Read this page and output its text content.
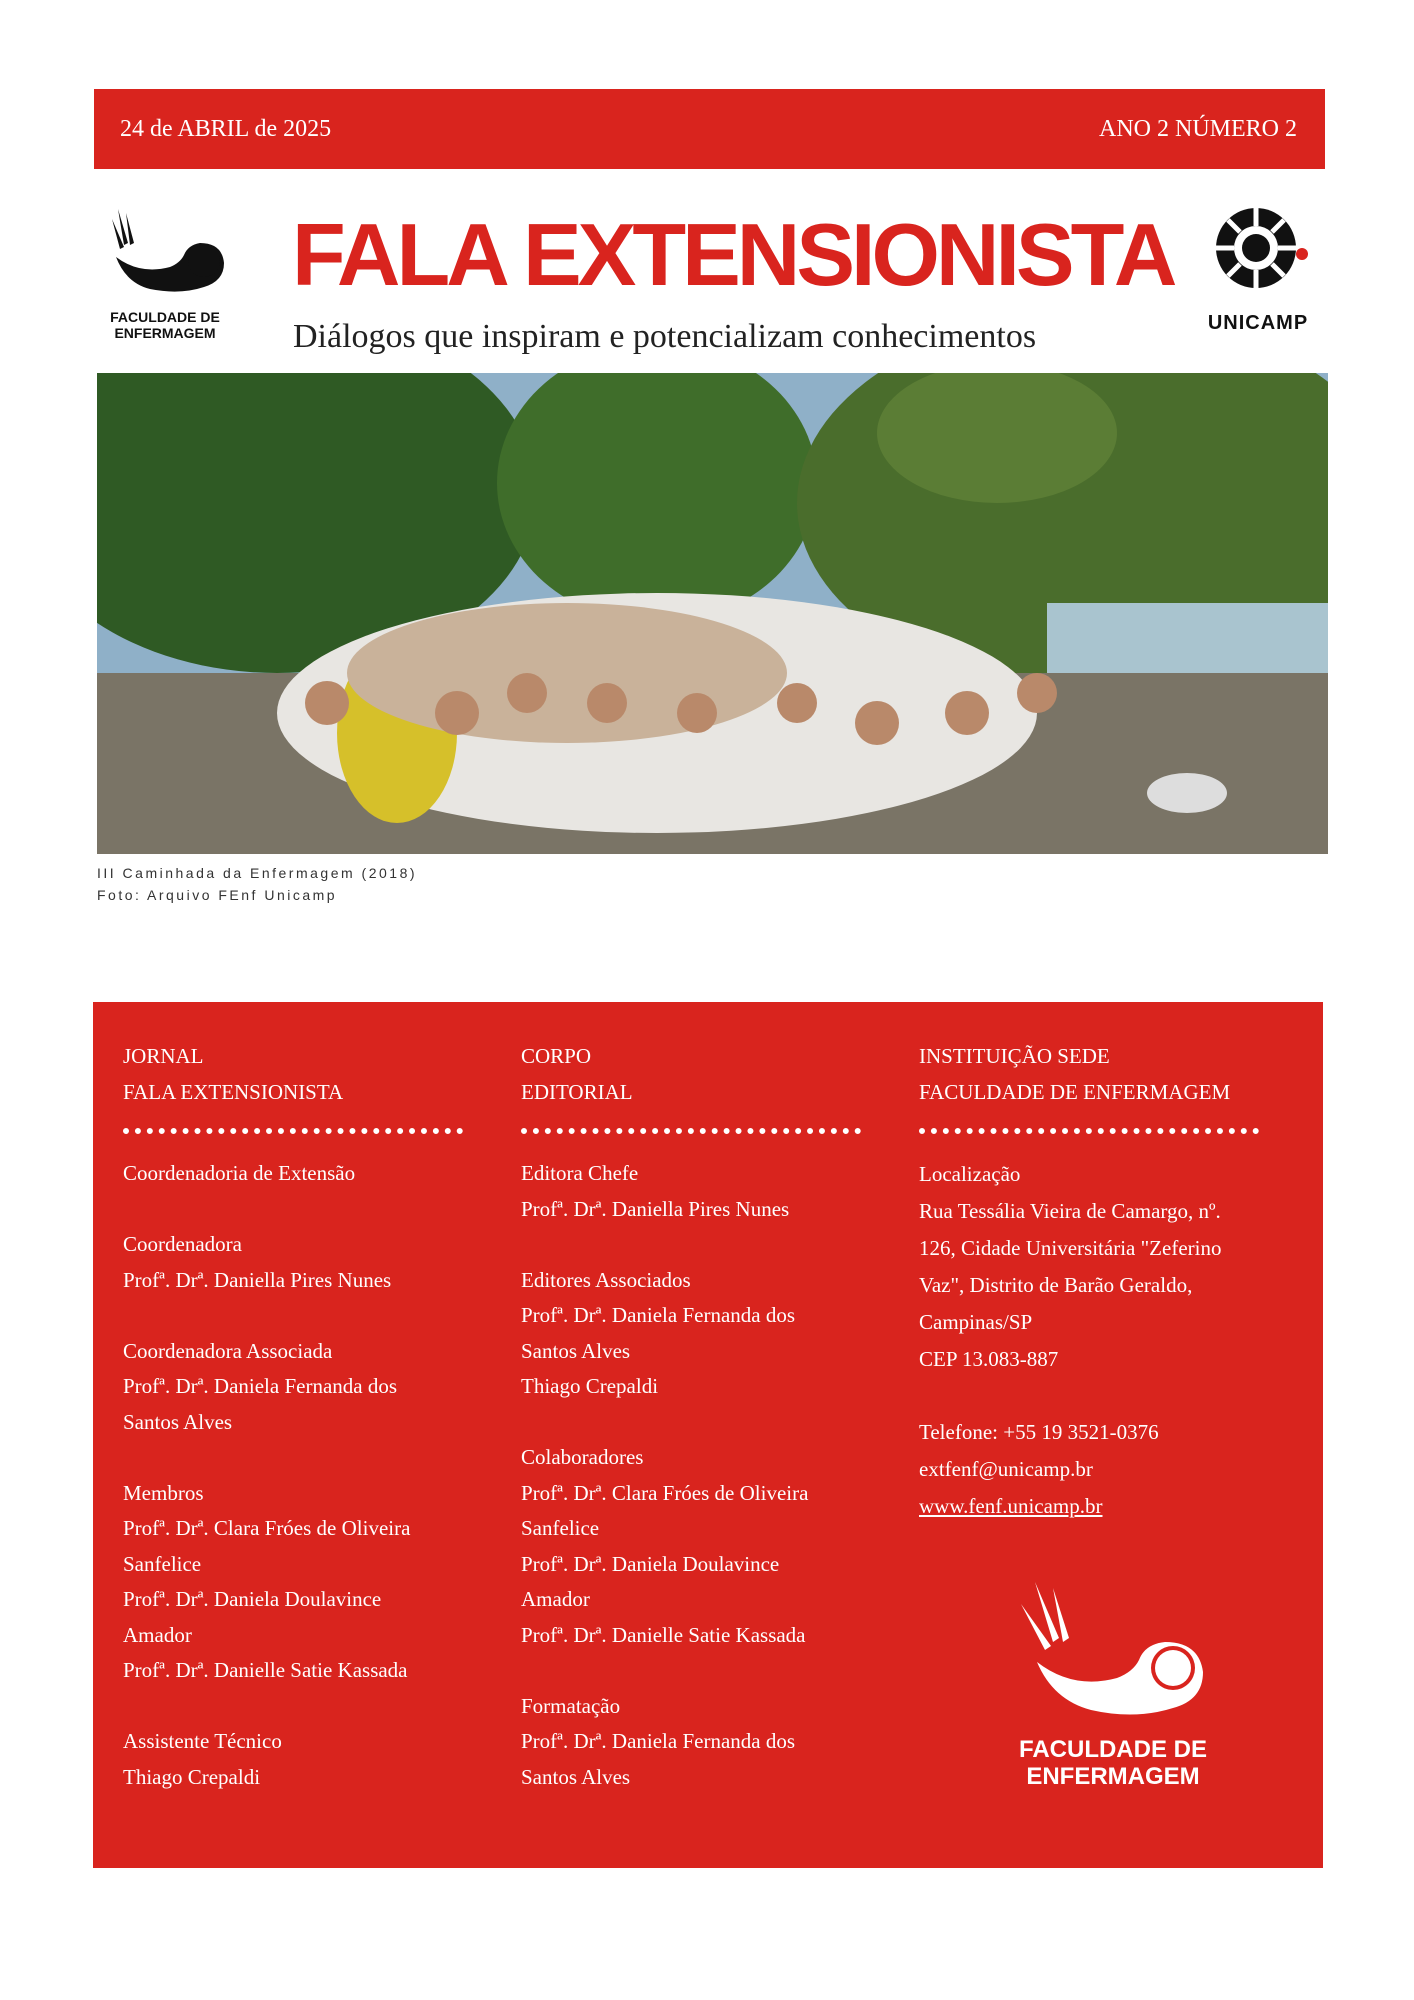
24 de ABRIL de 2025	ANO 2 NÚMERO 2
FACULDADE DE
ENFERMAGEM
FALA EXTENSIONISTA
Diálogos que inspiram e potencializam conhecimentos	UNICAMP
III Caminhada da Enfermagem (2018)
Foto: Arquivo FEnf Unicamp
JORNAL
FALA EXTENSIONISTA
Coordenadoria de Extensão
Coordenadora
Profª. Drª. Daniella Pires Nunes
Coordenadora Associada
Profª. Drª. Daniela Fernanda dos
Santos Alves
Membros
Profª. Drª. Clara Fróes de Oliveira
Sanfelice
Profª. Drª. Daniela Doulavince
Amador
Profª. Drª. Danielle Satie Kassada
Assistente Técnico
Thiago Crepaldi
CORPO
EDITORIAL
Editora Chefe
Profª. Drª. Daniella Pires Nunes
Editores Associados
Profª. Drª. Daniela Fernanda dos
Santos Alves
Thiago Crepaldi
Colaboradores
Profª. Drª. Clara Fróes de Oliveira
Sanfelice
Profª. Drª. Daniela Doulavince
Amador
Profª. Drª. Danielle Satie Kassada
Formatação
Profª. Drª. Daniela Fernanda dos
Santos Alves
INSTITUIÇÃO SEDE
FACULDADE DE ENFERMAGEM
Localização
Rua Tessália Vieira de Camargo, nº.
126, Cidade Universitária "Zeferino
Vaz", Distrito de Barão Geraldo,
Campinas/SP
CEP 13.083-887
Telefone: +55 19 3521-0376
extfenf@unicamp.br
www.fenf.unicamp.br
FACULDADE DE
ENFERMAGEM
